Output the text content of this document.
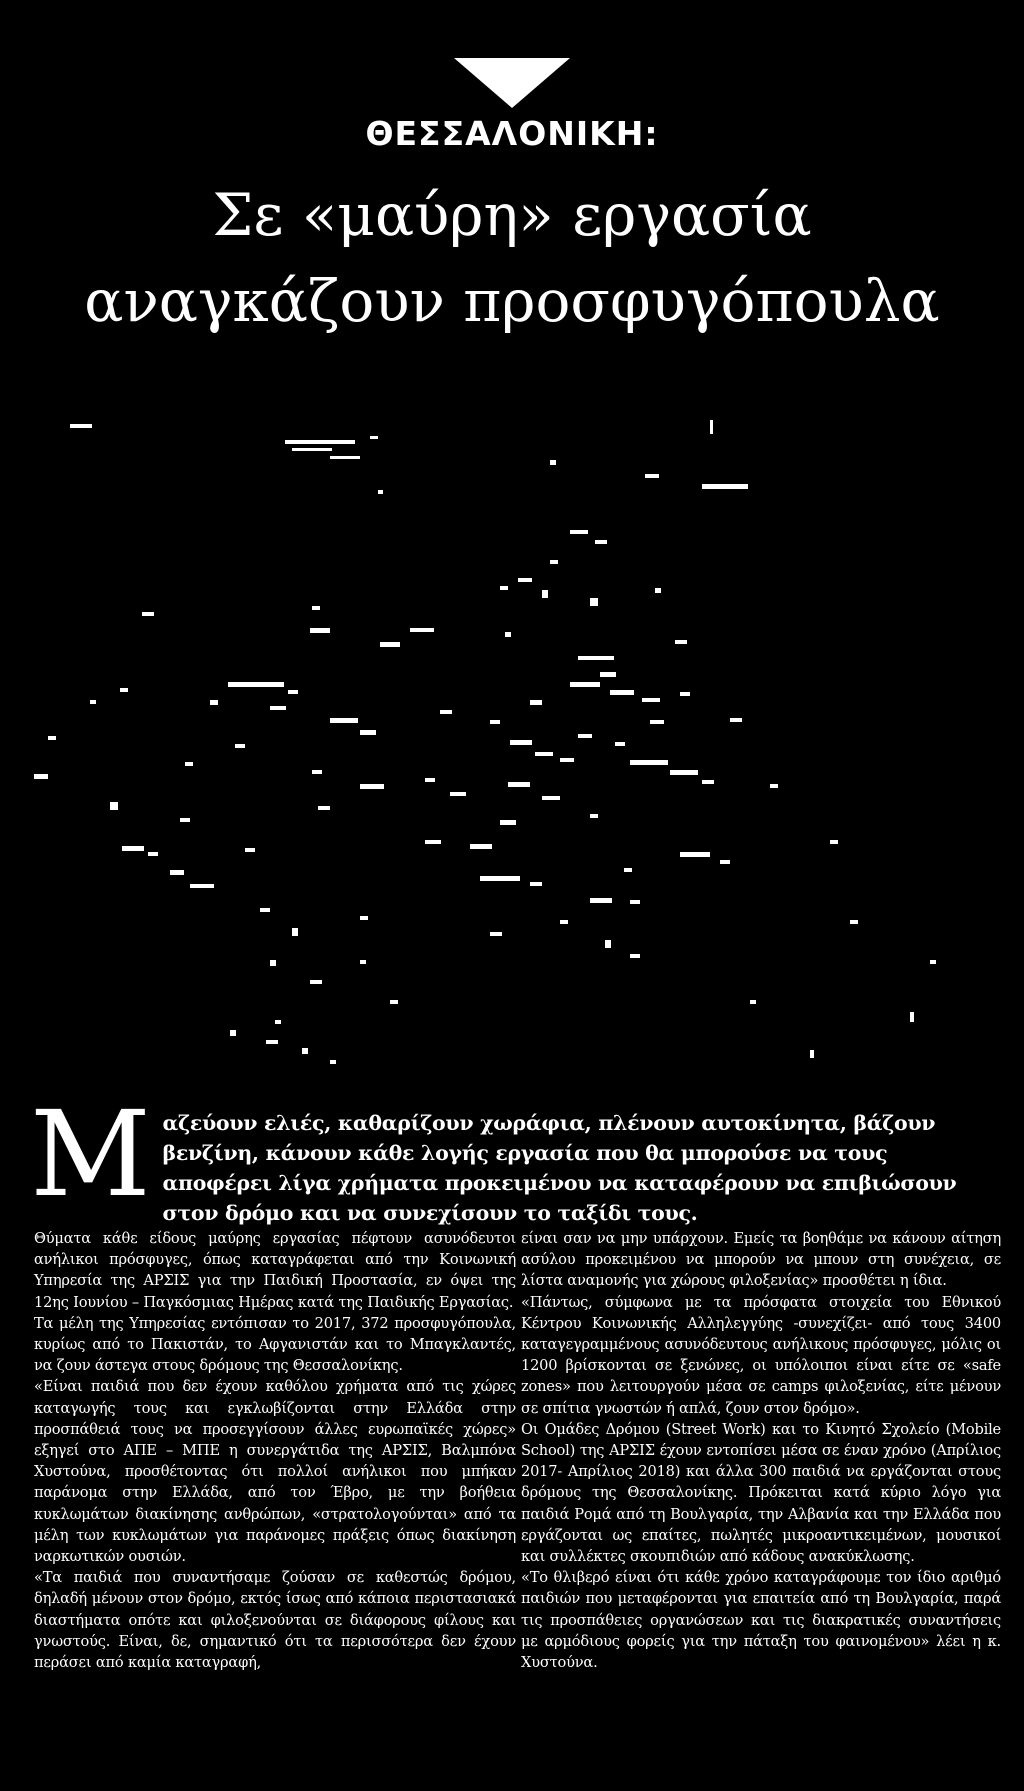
ΘΕΣΣΑΛΟΝΙΚΗ:
Σε «μαύρη» εργασία
αναγκάζουν προσφυγόπουλα
Μαζεύουν ελιές, καθαρίζουν χωράφια, πλένουν αυτοκίνητα, βάζουν βενζίνη, κάνουν κάθε λογής εργασία που θα μπορούσε να τους αποφέρει λίγα χρήματα προκειμένου να καταφέρουν να επιβιώσουν στον δρόμο και να συνεχίσουν το ταξίδι τους.

Θύματα κάθε είδους μαύρης εργασίας πέφτουν ασυνόδευτοι ανήλικοι πρόσφυγες, όπως καταγράφεται από την Κοινωνική Υπηρεσία της ΑΡΣΙΣ για την Παιδική Προστασία, εν όψει της 12ης Ιουνίου – Παγκόσμιας Ημέρας κατά της Παιδικής Εργασίας.

Τα μέλη της Υπηρεσίας εντόπισαν το 2017, 372 προσφυγόπουλα, κυρίως από το Πακιστάν, το Αφγανιστάν και το Μπαγκλαντές, να ζουν άστεγα στους δρόμους της Θεσσαλονίκης.

«Είναι παιδιά που δεν έχουν καθόλου χρήματα από τις χώρες καταγωγής τους και εγκλωβίζονται στην Ελλάδα στην προσπάθειά τους να προσεγγίσουν άλλες ευρωπαϊκές χώρες» εξηγεί στο ΑΠΕ – ΜΠΕ η συνεργάτιδα της ΑΡΣΙΣ, Βαλμπόνα Χυστούνα, προσθέτοντας ότι πολλοί ανήλικοι που μπήκαν παράνομα στην Ελλάδα, από τον Έβρο, με την βοήθεια κυκλωμάτων διακίνησης ανθρώπων, «στρατολογούνται» από τα μέλη των κυκλωμάτων για παράνομες πράξεις όπως διακίνηση ναρκωτικών ουσιών.

«Τα παιδιά που συναντήσαμε ζούσαν σε καθεστώς δρόμου, δηλαδή μένουν στον δρόμο, εκτός ίσως από κάποια περιστασιακά διαστήματα οπότε και φιλοξενούνται σε διάφορους φίλους και γνωστούς. Είναι, δε, σημαντικό ότι τα περισσότερα δεν έχουν περάσει από καμία καταγραφή,

είναι σαν να μην υπάρχουν. Εμείς τα βοηθάμε να κάνουν αίτηση ασύλου προκειμένου να μπορούν να μπουν στη συνέχεια, σε λίστα αναμονής για χώρους φιλοξενίας» προσθέτει η ίδια.

«Πάντως, σύμφωνα με τα πρόσφατα στοιχεία του Εθνικού Κέντρου Κοινωνικής Αλληλεγγύης -συνεχίζει- από τους 3400 καταγεγραμμένους ασυνόδευτους ανήλικους πρόσφυγες, μόλις οι 1200 βρίσκονται σε ξενώνες, οι υπόλοιποι είναι είτε σε «safe zones» που λειτουργούν μέσα σε camps φιλοξενίας, είτε μένουν σε σπίτια γνωστών ή απλά, ζουν στον δρόμο».

Οι Ομάδες Δρόμου (Street Work) και το Κινητό Σχολείο (Mobile School) της ΑΡΣΙΣ έχουν εντοπίσει μέσα σε έναν χρόνο (Απρίλιος 2017- Απρίλιος 2018) και άλλα 300 παιδιά να εργάζονται στους δρόμους της Θεσσαλονίκης. Πρόκειται κατά κύριο λόγο για παιδιά Ρομά από τη Βουλγαρία, την Αλβανία και την Ελλάδα που εργάζονται ως επαίτες, πωλητές μικροαντικειμένων, μουσικοί και συλλέκτες σκουπιδιών από κάδους ανακύκλωσης.

«Το θλιβερό είναι ότι κάθε χρόνο καταγράφουμε τον ίδιο αριθμό παιδιών που μεταφέρονται για επαιτεία από τη Βουλγαρία, παρά τις προσπάθειες οργανώσεων και τις διακρατικές συναντήσεις με αρμόδιους φορείς για την πάταξη του φαινομένου» λέει η κ. Χυστούνα.
